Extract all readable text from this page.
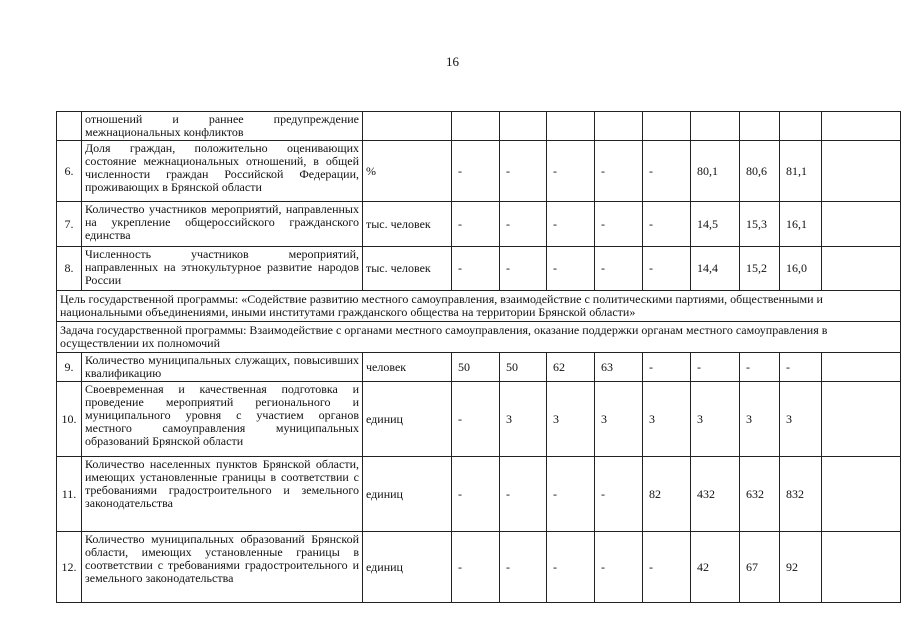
16
	отношений и раннее предупреждение межнациональных конфликтов										
6.	Доля граждан, положительно оценивающих состояние межнациональных отношений, в общей численности граждан Российской Федерации, проживающих в Брянской области	%	-	-	-	-	-	80,1	80,6	81,1	
7.	Количество участников мероприятий, направленных на укрепление общероссийского гражданского единства	тыс. человек	-	-	-	-	-	14,5	15,3	16,1	
8.	Численность участников мероприятий, направленных на этнокультурное развитие народов России	тыс. человек	-	-	-	-	-	14,4	15,2	16,0	
Цель государственной программы: «Содействие развитию местного самоуправления, взаимодействие с политическими партиями, общественными и национальными объединениями, иными институтами гражданского общества на территории Брянской области»											
Задача государственной программы: Взаимодействие с органами местного самоуправления, оказание поддержки органам местного самоуправления в осуществлении их полномочий											
9.	Количество муниципальных служащих, повысивших квалификацию	человек	50	50	62	63	-	-	-	-	
10.	Своевременная и качественная подготовка и проведение мероприятий регионального и муниципального уровня с участием органов местного самоуправления муниципальных образований Брянской области	единиц	-	3	3	3	3	3	3	3	
11.	Количество населенных пунктов Брянской области, имеющих установленные границы в соответствии с требованиями градостроительного и земельного законодательства	единиц	-	-	-	-	82	432	632	832	
12.	Количество муниципальных образований Брянской области, имеющих установленные границы в соответствии с требованиями градостроительного и земельного законодательства	единиц	-	-	-	-	-	42	67	92	
